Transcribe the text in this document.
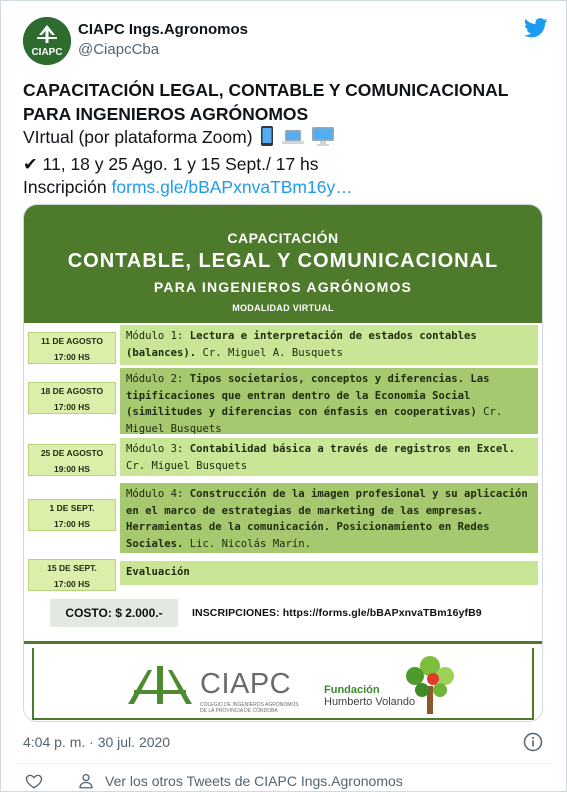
CIAPC
CIAPC Ings.Agronomos
@CiapcCba
CAPACITACIÓN LEGAL, CONTABLE Y COMUNICACIONAL
PARA INGENIEROS AGRÓNOMOS
VIrtual (por plataforma Zoom)
✔ 11, 18 y 25 Ago. 1 y 15 Sept./ 17 hs
Inscripción forms.gle/bBAPxnvaTBm16y…
CAPACITACIÓN
CONTABLE, LEGAL Y COMUNICACIONAL
PARA INGENIEROS AGRÓNOMOS
MODALIDAD VIRTUAL
11 DE AGOSTO
17:00 HS
Módulo 1: Lectura e interpretación de estados contables (balances). Cr. Miguel A. Busquets
18 DE AGOSTO
17:00 HS
Módulo 2: Tipos societarios, conceptos y diferencias. Las tipificaciones que entran dentro de la Economia Social (similitudes y diferencias con énfasis en cooperativas) Cr. Miguel Busquets
25 DE AGOSTO
19:00 HS
Módulo 3: Contabilidad básica a través de registros en Excel. Cr. Miguel Busquets
1 DE SEPT.
17:00 HS
Módulo 4: Construcción de la imagen profesional y su aplicación en el marco de estrategias de marketing de las empresas. Herramientas de la comunicación. Posicionamiento en Redes Sociales. Lic. Nicolás Marín.
15 DE SEPT.
17:00 HS
Evaluación
COSTO: $ 2.000.-	INSCRIPCIONES: https://forms.gle/bBAPxnvaTBm16yfB9
CIAPC
COLEGIO DE INGENIEROS AGRÓNOMOS DE LA PROVINCIA DE CÓRDOBA
Fundación
Humberto Volando
4:04 p. m. · 30 jul. 2020
Ver los otros Tweets de CIAPC Ings.Agronomos
